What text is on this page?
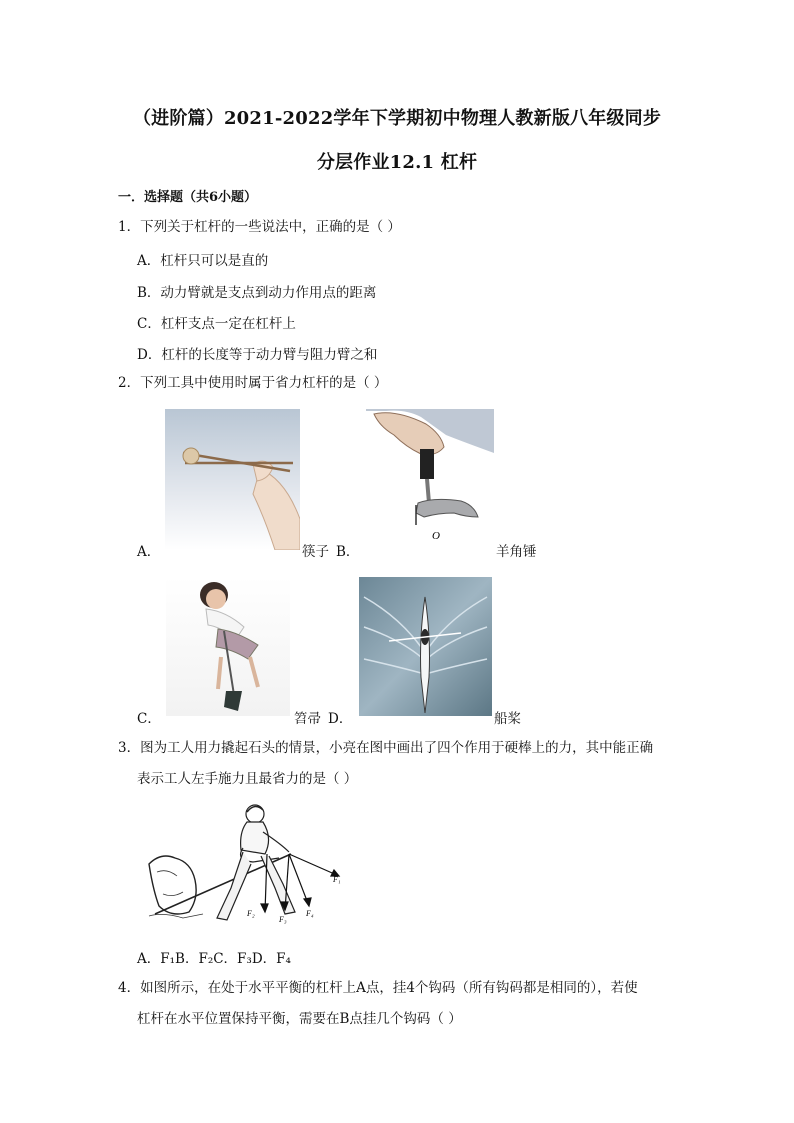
（进阶篇）2021-2022学年下学期初中物理人教新版八年级同步
分层作业12.1 杠杆
一．选择题（共6小题）
1．下列关于杠杆的一些说法中，正确的是（ ）
A．杠杆只可以是直的
B．动力臂就是支点到动力作用点的距离
C．杠杆支点一定在杠杆上
D．杠杆的长度等于动力臂与阻力臂之和
2．下列工具中使用时属于省力杠杆的是（ ）
A．	筷子 B．
O
羊角锤
C．	笤帚 D．	船桨
3．图为工人用力撬起石头的情景，小亮在图中画出了四个作用于硬棒上的力，其中能正确
表示工人左手施力且最省力的是（ ）
F₁
F₂
F₃
F₄
A．F₁B．F₂C．F₃D．F₄
4．如图所示，在处于水平平衡的杠杆上A点，挂4个钩码（所有钩码都是相同的），若使
杠杆在水平位置保持平衡，需要在B点挂几个钩码（ ）
